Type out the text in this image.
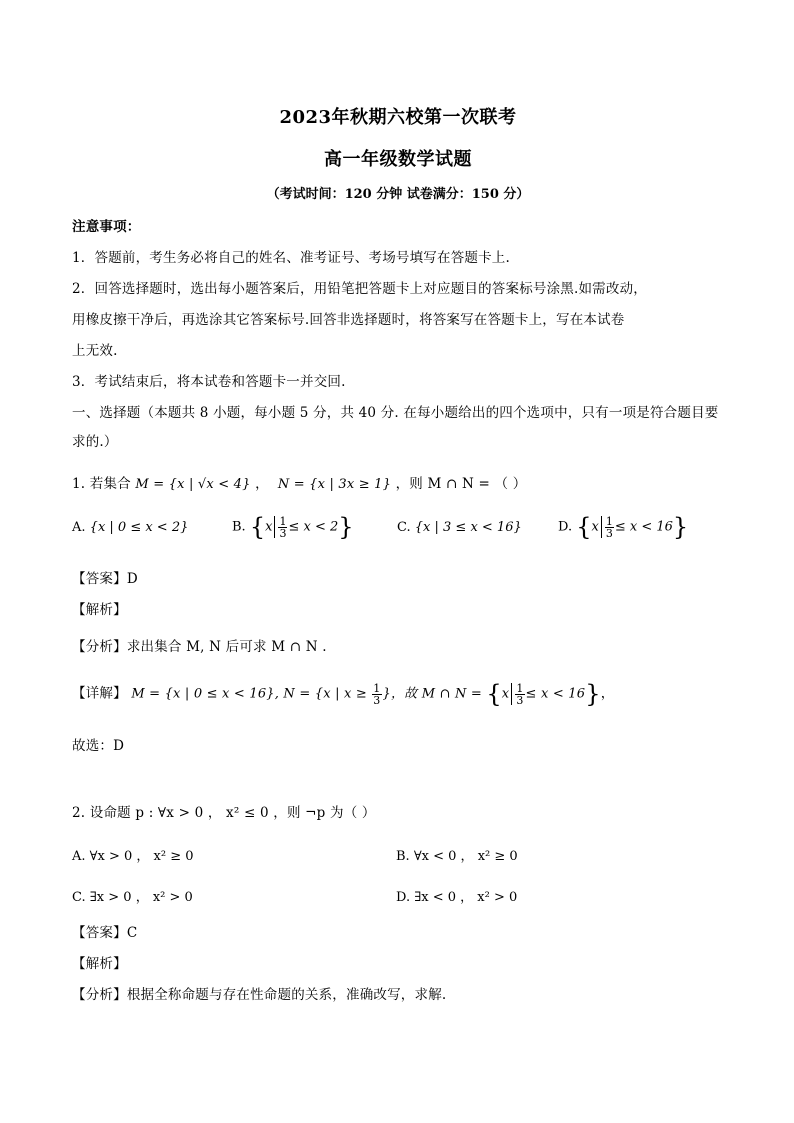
2023年秋期六校第一次联考
高一年级数学试题
（考试时间：120 分钟 试卷满分：150 分）
注意事项：
1．答题前，考生务必将自己的姓名、准考证号、考场号填写在答题卡上.
2．回答选择题时，选出每小题答案后，用铅笔把答题卡上对应题目的答案标号涂黑.如需改动，
用橡皮擦干净后，再选涂其它答案标号.回答非选择题时，将答案写在答题卡上，写在本试卷
上无效.
3．考试结束后，将本试卷和答题卡一并交回.
一、选择题（本题共 8 小题，每小题 5 分，共 40 分. 在每小题给出的四个选项中，只有一项是符合题目要
求的.）
1. 若集合 M = {x | √x < 4} ，  N = {x | 3x ≥ 1} ，则 M ∩ N = （ ）
A. {x | 0 ≤ x < 2}	B. $\{x \frac{1}{3} \le x < 2\}$	C. {x | 3 ≤ x < 16}	D. $\{x \frac{1}{3} \le x < 16\}$
【答案】D
【解析】
【分析】求出集合 M, N 后可求 M ∩ N .
【详解】 M = {x | 0 ≤ x < 16}, N = {x | $x \ge \frac{1}{3}$ }，故 M ∩ $N = \{x \frac{1}{3} \le x < 16\}$，
故选：D
2. 设命题 p : ∀x > 0 ， x² ≤ 0 ，则 ¬p 为（ ）
A. ∀x > 0 ， x² ≥ 0	B. ∀x < 0 ， x² ≥ 0
C. ∃x > 0 ， x² > 0	D. ∃x < 0 ， x² > 0
【答案】C
【解析】
【分析】根据全称命题与存在性命题的关系，准确改写，求解.
